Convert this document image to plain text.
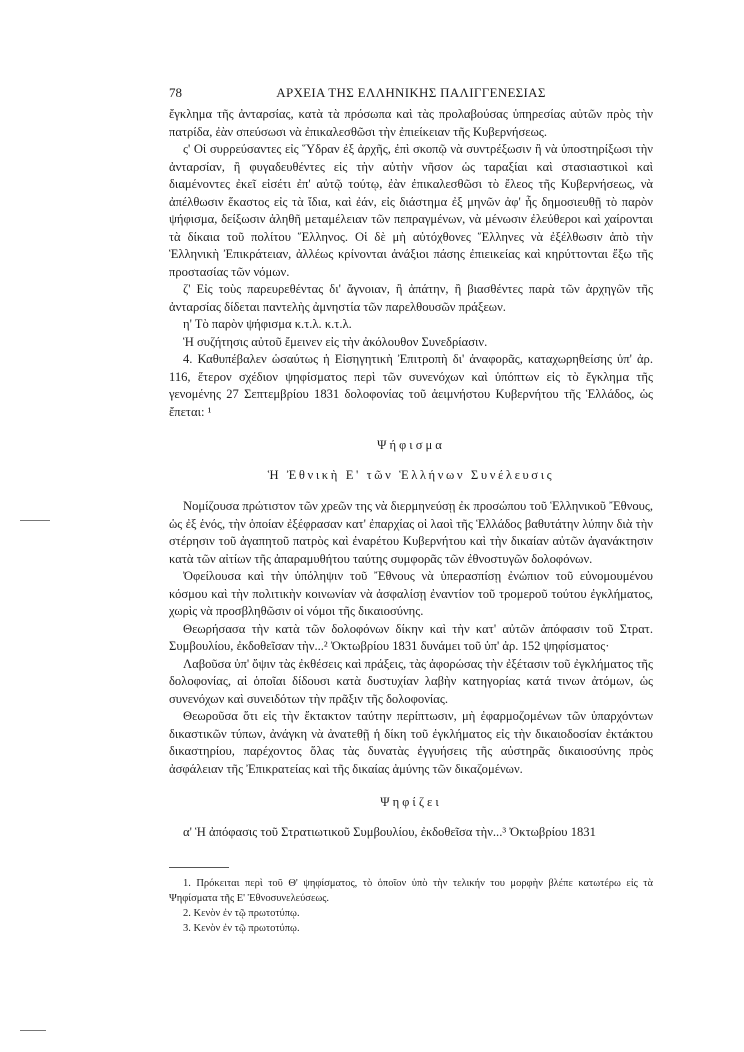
78	ΑΡΧΕΙΑ ΤΗΣ ΕΛΛΗΝΙΚΗΣ ΠΑΛΙΓΓΕΝΕΣΙΑΣ

ἔγκλημα τῆς ἀνταρσίας, κατὰ τὰ πρόσωπα καὶ τὰς προλαβούσας ὑπηρεσίας αὐτῶν πρὸς τὴν πατρίδα, ἐὰν σπεύσωσι νὰ ἐπικαλεσθῶσι τὴν ἐπιείκειαν τῆς Κυβερνήσεως.

ς' Οἱ συρρεύσαντες εἰς Ὕδραν ἐξ ἀρχῆς, ἐπὶ σκοπῷ νὰ συντρέξωσιν ἢ νὰ ὑποστηρίξωσι τὴν ἀνταρσίαν, ἢ φυγαδευθέντες εἰς τὴν αὐτὴν νῆσον ὡς ταραξίαι καὶ στασιαστικοὶ καὶ διαμένοντες ἐκεῖ εἰσέτι ἐπ' αὐτῷ τούτῳ, ἐὰν ἐπικαλεσθῶσι τὸ ἔλεος τῆς Κυβερνήσεως, νὰ ἀπέλθωσιν ἕκαστος εἰς τὰ ἴδια, καὶ ἐάν, εἰς διάστημα ἐξ μηνῶν ἀφ' ἧς δημοσιευθῇ τὸ παρὸν ψήφισμα, δείξωσιν ἀληθῆ μεταμέλειαν τῶν πεπραγμένων, νὰ μένωσιν ἐλεύθεροι καὶ χαίρονται τὰ δίκαια τοῦ πολίτου Ἕλληνος. Οἱ δὲ μὴ αὐτόχθονες Ἕλληνες νὰ ἐξέλθωσιν ἀπὸ τὴν Ἑλληνικὴ Ἐπικράτειαν, ἀλλέως κρίνονται ἀνάξιοι πάσης ἐπιεικείας καὶ κηρύττονται ἔξω τῆς προστασίας τῶν νόμων.

ζ' Εἰς τοὺς παρευρεθέντας δι' ἄγνοιαν, ἢ ἀπάτην, ἢ βιασθέντες παρὰ τῶν ἀρχηγῶν τῆς ἀνταρσίας δίδεται παντελὴς ἀμνηστία τῶν παρελθουσῶν πράξεων.

η' Τὸ παρὸν ψήφισμα κ.τ.λ. κ.τ.λ.

Ἡ συζήτησις αὐτοῦ ἔμεινεν εἰς τὴν ἀκόλουθον Συνεδρίασιν.

4. Καθυπέβαλεν ὡσαύτως ἡ Εἰσηγητικὴ Ἐπιτροπὴ δι' ἀναφορᾶς, καταχωρηθείσης ὑπ' ἀρ. 116, ἕτερον σχέδιον ψηφίσματος περὶ τῶν συνενόχων καὶ ὑπόπτων εἰς τὸ ἔγκλημα τῆς γενομένης 27 Σεπτεμβρίου 1831 δολοφονίας τοῦ ἀειμνήστου Κυβερνήτου τῆς Ἑλλάδος, ὡς ἔπεται: ¹

Ψήφισμα
Ἡ Ἐθνικὴ Ε' τῶν Ἑλλήνων Συνέλευσις

Νομίζουσα πρώτιστον τῶν χρεῶν της νὰ διερμηνεύσῃ ἐκ προσώπου τοῦ Ἑλληνικοῦ Ἔθνους, ὡς ἐξ ἑνός, τὴν ὁποίαν ἐξέφρασαν κατ' ἐπαρχίας οἱ λαοὶ τῆς Ἑλλάδος βαθυτάτην λύπην διὰ τὴν στέρησιν τοῦ ἀγαπητοῦ πατρὸς καὶ ἐναρέτου Κυβερνήτου καὶ τὴν δικαίαν αὐτῶν ἀγανάκτησιν κατὰ τῶν αἰτίων τῆς ἀπαραμυθήτου ταύτης συμφορᾶς τῶν ἐθνοστυγῶν δολοφόνων.

Ὀφείλουσα καὶ τὴν ὑπόληψιν τοῦ Ἔθνους νὰ ὑπερασπίσῃ ἐνώπιον τοῦ εὐνομουμένου κόσμου καὶ τὴν πολιτικὴν κοινωνίαν νὰ ἀσφαλίσῃ ἐναντίον τοῦ τρομεροῦ τούτου ἐγκλήματος, χωρὶς νὰ προσβληθῶσιν οἱ νόμοι τῆς δικαιοσύνης.

Θεωρήσασα τὴν κατὰ τῶν δολοφόνων δίκην καὶ τὴν κατ' αὐτῶν ἀπόφασιν τοῦ Στρατ. Συμβουλίου, ἐκδοθεῖσαν τὴν...² Ὀκτωβρίου 1831 δυνάμει τοῦ ὑπ' ἀρ. 152 ψηφίσματος·

Λαβοῦσα ὑπ' ὄψιν τὰς ἐκθέσεις καὶ πράξεις, τὰς ἀφορώσας τὴν ἐξέτασιν τοῦ ἐγκλήματος τῆς δολοφονίας, αἱ ὁποῖαι δίδουσι κατὰ δυστυχίαν λαβὴν κατηγορίας κατά τινων ἀτόμων, ὡς συνενόχων καὶ συνειδότων τὴν πρᾶξιν τῆς δολοφονίας.

Θεωροῦσα ὅτι εἰς τὴν ἔκτακτον ταύτην περίπτωσιν, μὴ ἐφαρμοζομένων τῶν ὑπαρχόντων δικαστικῶν τύπων, ἀνάγκη νὰ ἀνατεθῇ ἡ δίκη τοῦ ἐγκλήματος εἰς τὴν δικαιοδοσίαν ἐκτάκτου δικαστηρίου, παρέχοντος ὅλας τὰς δυνατὰς ἐγγυήσεις τῆς αὐστηρᾶς δικαιοσύνης πρὸς ἀσφάλειαν τῆς Ἐπικρατείας καὶ τῆς δικαίας ἀμύνης τῶν δικαζομένων.

Ψηφίζει

α' Ἡ ἀπόφασις τοῦ Στρατιωτικοῦ Συμβουλίου, ἐκδοθεῖσα τὴν...³ Ὀκτωβρίου 1831

1. Πρόκειται περὶ τοῦ Θ' ψηφίσματος, τὸ ὁποῖον ὑπὸ τὴν τελικήν του μορφὴν βλέπε κατωτέρω εἰς τὰ Ψηφίσματα τῆς Ε' Ἐθνοσυνελεύσεως.

2. Κενὸν ἐν τῷ πρωτοτύπῳ.

3. Κενὸν ἐν τῷ πρωτοτύπῳ.
